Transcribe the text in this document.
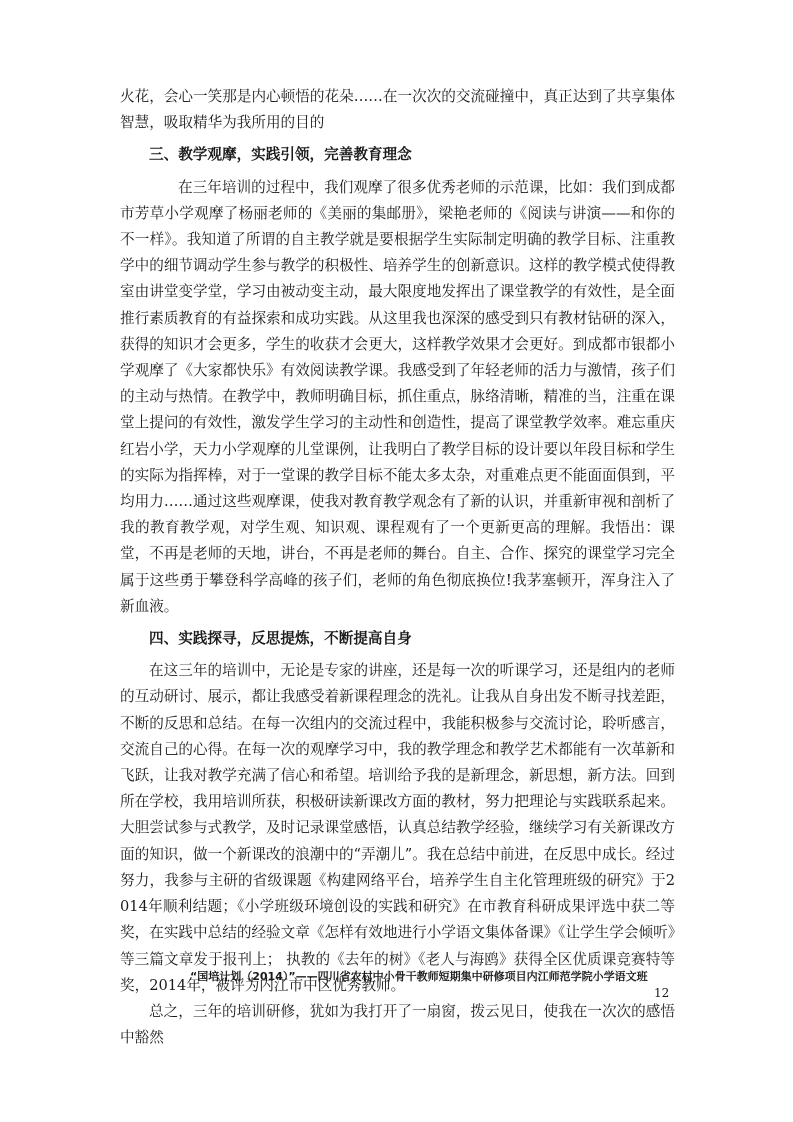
火花，会心一笑那是内心顿悟的花朵……在一次次的交流碰撞中，真正达到了共享集体智慧，吸取精华为我所用的目的

三、教学观摩，实践引领，完善教育理念

在三年培训的过程中，我们观摩了很多优秀老师的示范课，比如：我们到成都市芳草小学观摩了杨丽老师的《美丽的集邮册》，梁艳老师的《阅读与讲演——和你的不一样》。我知道了所谓的自主教学就是要根据学生实际制定明确的教学目标、注重教学中的细节调动学生参与教学的积极性、培养学生的创新意识。这样的教学模式使得教室由讲堂变学堂，学习由被动变主动，最大限度地发挥出了课堂教学的有效性，是全面推行素质教育的有益探索和成功实践。从这里我也深深的感受到只有教材钻研的深入，获得的知识才会更多，学生的收获才会更大，这样教学效果才会更好。到成都市银都小学观摩了《大家都快乐》有效阅读教学课。我感受到了年轻老师的活力与激情，孩子们的主动与热情。在教学中，教师明确目标，抓住重点，脉络清晰，精准的当，注重在课堂上提问的有效性，激发学生学习的主动性和创造性，提高了课堂教学效率。难忘重庆红岩小学，天力小学观摩的儿堂课例，让我明白了教学目标的设计要以年段目标和学生的实际为指挥棒，对于一堂课的教学目标不能太多太杂，对重难点更不能面面俱到，平均用力……通过这些观摩课，使我对教育教学观念有了新的认识，并重新审视和剖析了我的教育教学观，对学生观、知识观、课程观有了一个更新更高的理解。我悟出：课堂，不再是老师的天地，讲台，不再是老师的舞台。自主、合作、探究的课堂学习完全属于这些勇于攀登科学高峰的孩子们，老师的角色彻底换位!我茅塞顿开，浑身注入了新血液。

四、实践探寻，反思提炼，不断提高自身

在这三年的培训中，无论是专家的讲座，还是每一次的听课学习，还是组内的老师的互动研讨、展示，都让我感受着新课程理念的洗礼。让我从自身出发不断寻找差距，不断的反思和总结。在每一次组内的交流过程中，我能积极参与交流讨论，聆听感言，交流自己的心得。在每一次的观摩学习中，我的教学理念和教学艺术都能有一次革新和飞跃，让我对教学充满了信心和希望。培训给予我的是新理念，新思想，新方法。回到所在学校，我用培训所获，积极研读新课改方面的教材，努力把理论与实践联系起来。大胆尝试参与式教学，及时记录课堂感悟，认真总结教学经验，继续学习有关新课改方面的知识，做一个新课改的浪潮中的“弄潮儿”。我在总结中前进，在反思中成长。经过努力，我参与主研的省级课题《构建网络平台，培养学生自主化管理班级的研究》于2014年顺利结题；《小学班级环境创设的实践和研究》在市教育科研成果评选中获二等奖，在实践中总结的经验文章《怎样有效地进行小学语文集体备课》《让学生学会倾听》等三篇文章发于报刊上； 执教的《去年的树》《老人与海鸥》获得全区优质课竞赛特等奖，2014年，被评为内江市中区优秀教师。

总之，三年的培训研修，犹如为我打开了一扇窗，拨云见日，使我在一次次的感悟中豁然

“国培计划（2014）”——四川省农村中小骨干教师短期集中研修项目内江师范学院小学语文班
12
